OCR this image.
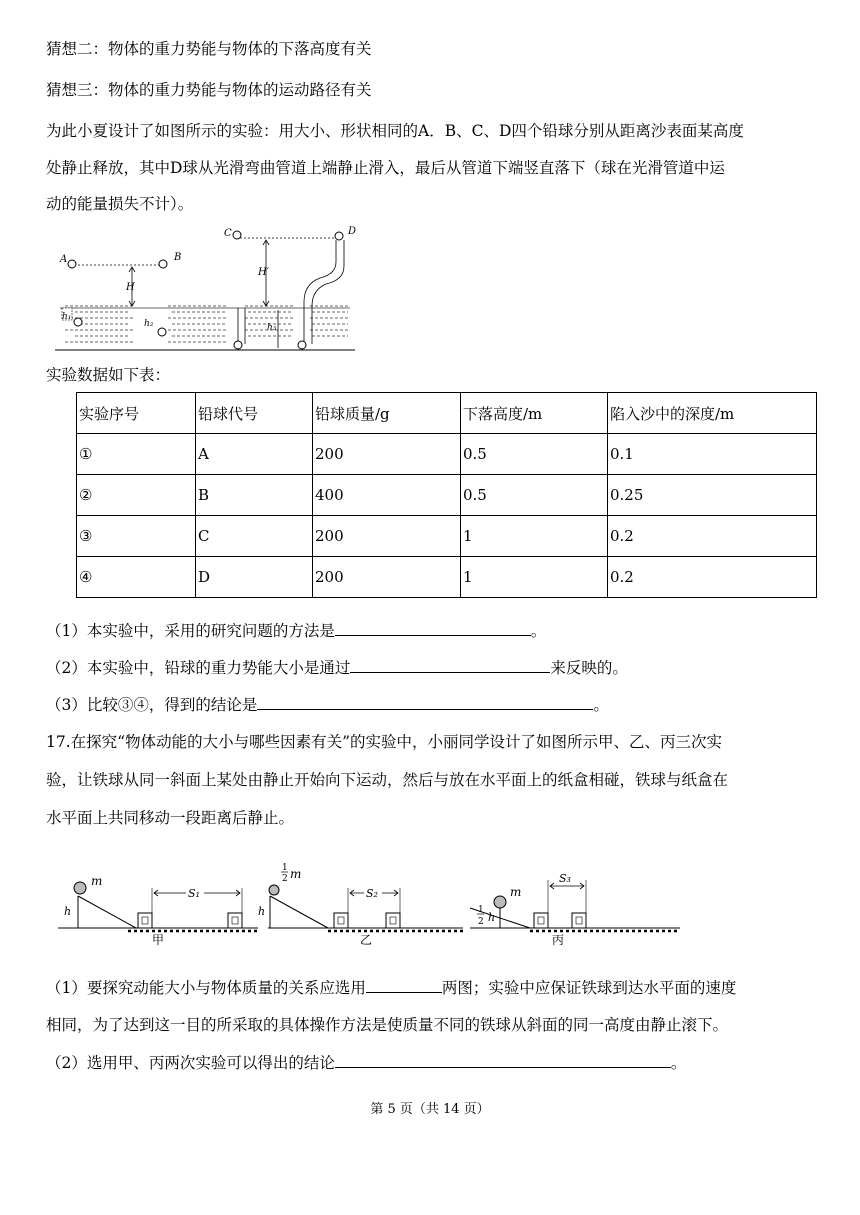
猜想二：物体的重力势能与物体的下落高度有关
猜想三：物体的重力势能与物体的运动路径有关
为此小夏设计了如图所示的实验：用大小、形状相同的A．B、C、D四个铅球分别从距离沙表面某高度
处静止释放，其中D球从光滑弯曲管道上端静止滑入，最后从管道下端竖直落下（球在光滑管道中运
动的能量损失不计）。
A	B
H
h₁
h₂
C	D
H′
h₃
实验数据如下表：
实验序号	铅球代号	铅球质量/g	下落高度/m	陷入沙中的深度/m
①	A	200	0.5	0.1
②	B	400	0.5	0.25
③	C	200	1	0.2
④	D	200	1	0.2
（1）本实验中，采用的研究问题的方法是	。
（2）本实验中，铅球的重力势能大小是通过	来反映的。
（3）比较③④，得到的结论是	。
17.在探究“物体动能的大小与哪些因素有关”的实验中，小丽同学设计了如图所示甲、乙、丙三次实
验，让铁球从同一斜面上某处由静止开始向下运动，然后与放在水平面上的纸盒相碰，铁球与纸盒在
水平面上共同移动一段距离后静止。
m
h
S₁
甲
1
2 m
h
S₂
乙
m
1
2 h
S₃
丙
（1）要探究动能大小与物体质量的关系应选用	两图；实验中应保证铁球到达水平面的速度
相同，为了达到这一目的所采取的具体操作方法是使质量不同的铁球从斜面的同一高度由静止滚下。
（2）选用甲、丙两次实验可以得出的结论	。
第 5 页（共 14 页）
